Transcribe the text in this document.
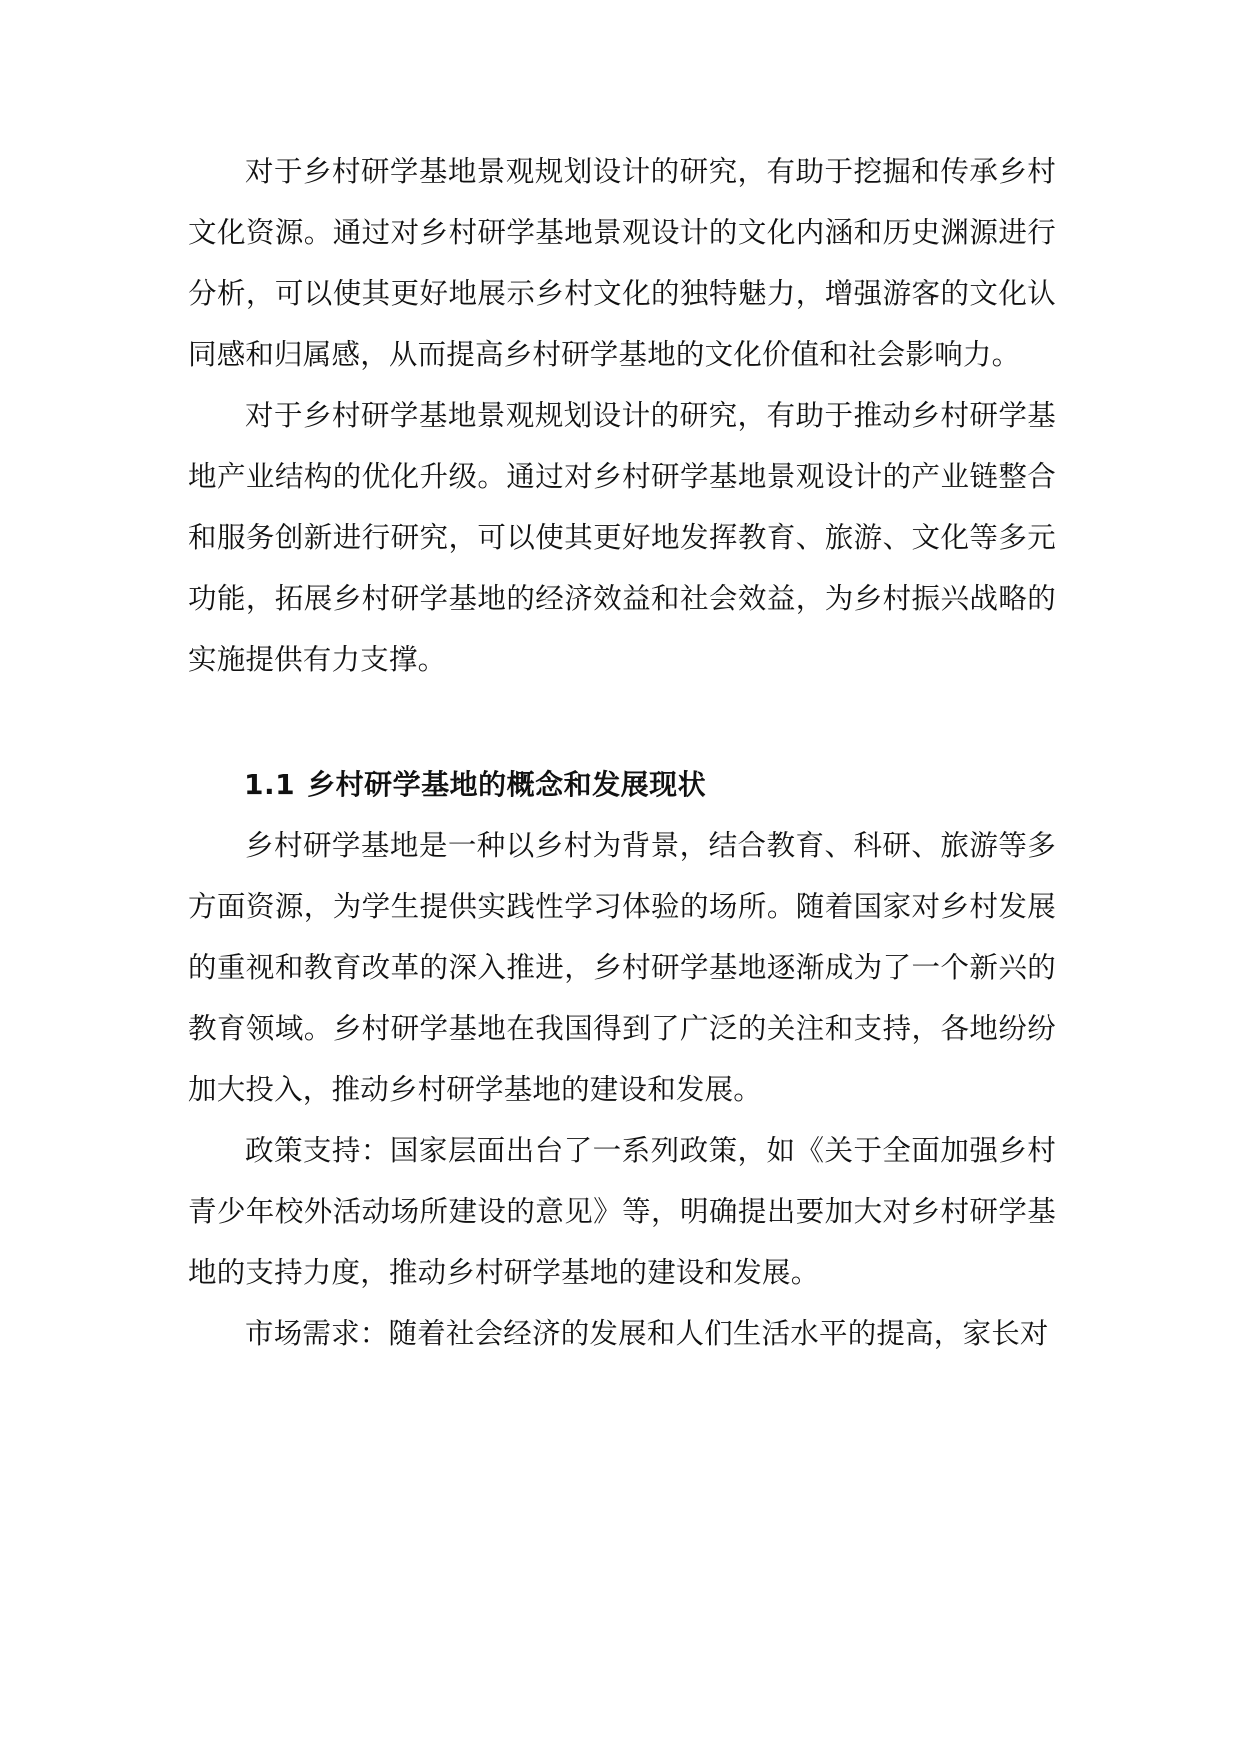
对于乡村研学基地景观规划设计的研究，有助于挖掘和传承乡村文化资源。通过对乡村研学基地景观设计的文化内涵和历史渊源进行分析，可以使其更好地展示乡村文化的独特魅力，增强游客的文化认同感和归属感，从而提高乡村研学基地的文化价值和社会影响力。

对于乡村研学基地景观规划设计的研究，有助于推动乡村研学基地产业结构的优化升级。通过对乡村研学基地景观设计的产业链整合和服务创新进行研究，可以使其更好地发挥教育、旅游、文化等多元功能，拓展乡村研学基地的经济效益和社会效益，为乡村振兴战略的实施提供有力支撑。

1.1 乡村研学基地的概念和发展现状

乡村研学基地是一种以乡村为背景，结合教育、科研、旅游等多方面资源，为学生提供实践性学习体验的场所。随着国家对乡村发展的重视和教育改革的深入推进，乡村研学基地逐渐成为了一个新兴的教育领域。乡村研学基地在我国得到了广泛的关注和支持，各地纷纷加大投入，推动乡村研学基地的建设和发展。

政策支持：国家层面出台了一系列政策，如《关于全面加强乡村青少年校外活动场所建设的意见》等，明确提出要加大对乡村研学基地的支持力度，推动乡村研学基地的建设和发展。

市场需求：随着社会经济的发展和人们生活水平的提高，家长对
